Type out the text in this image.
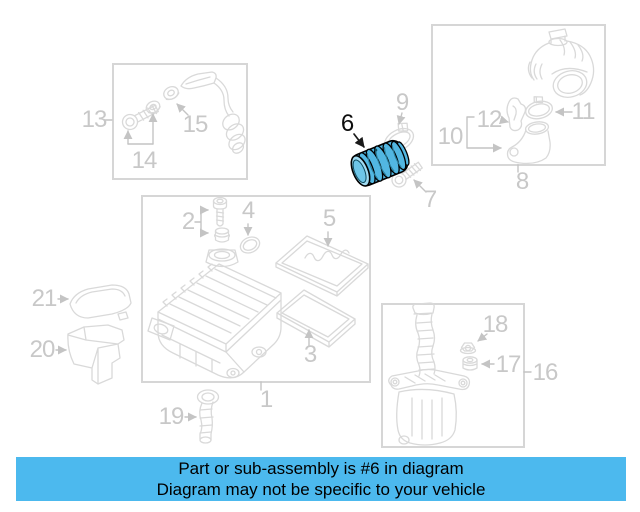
1
2
3
4	5
6
7
8
9
10
11
12
13
14
15
16
17
18
19
20
21
Part or sub-assembly is #6 in diagram
Diagram may not be specific to your vehicle
